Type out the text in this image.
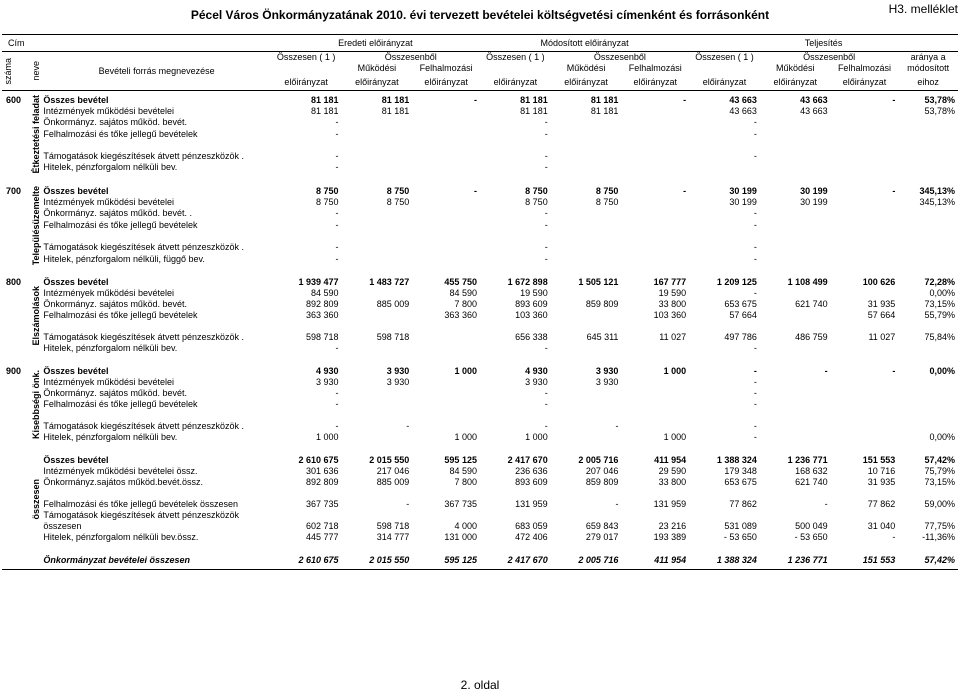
Pécel Város Önkormányzatának 2010. évi tervezett bevételei költségvetési címenként és forrásonként	H3. melléklet
Cím			Eredeti előirányzat			Módosított előirányzat			Teljesítés			

száma	neve	Bevételi forrás megnevezése	Összesen ( 1 )	Összesenből		Összesen ( 1 )	Összesenből		Összesen ( 1 )	Összesenből		aránya a
				Működési	Felhalmozási		Működési	Felhalmozási		Működési	Felhalmozási	módosított
			előirányzat	előirányzat	előirányzat	előirányzat	előirányzat	előirányzat	előirányzat	előirányzat	előirányzat	eihoz

600	Étkeztetési feladat	Összes bevétel	81 181	81 181	-	81 181	81 181	-	43 663	43 663	-	53,78%
		Intézmények működési bevételei	81 181	81 181		81 181	81 181		43 663	43 663		53,78%
		Önkormányz. sajátos működ. bevét.	-			-			-			
		Felhalmozási és tőke jellegű bevételek	-			-			-			

		Támogatások kiegészítések átvett pénzeszközök .	-			-			-			
		Hitelek, pénzforgalom nélküli bev.	-			-						

700	Településüzemelte	Összes bevétel	8 750	8 750	-	8 750	8 750	-	30 199	30 199	-	345,13%
		Intézmények működési bevételei	8 750	8 750		8 750	8 750		30 199	30 199		345,13%
		Önkormányz. sajátos működ. bevét. .	-			-			-			
		Felhalmozási és tőke jellegű bevételek	-			-			-			

		Támogatások kiegészítések átvett pénzeszközök .	-			-			-			
		Hitelek, pénzforgalom nélküli, függő bev.	-			-			-			

800	Elszámolások	Összes bevétel	1 939 477	1 483 727	455 750	1 672 898	1 505 121	167 777	1 209 125	1 108 499	100 626	72,28%
		Intézmények működési bevételei	84 590		84 590	19 590		19 590	-			0,00%
		Önkormányz. sajátos működ. bevét.	892 809	885 009	7 800	893 609	859 809	33 800	653 675	621 740	31 935	73,15%
		Felhalmozási és tőke jellegű bevételek	363 360		363 360	103 360		103 360	57 664		57 664	55,79%

		Támogatások kiegészítések átvett pénzeszközök .	598 718	598 718		656 338	645 311	11 027	497 786	486 759	11 027	75,84%
		Hitelek, pénzforgalom nélküli bev.	-			-			-			

900	Kisebbségi önk.	Összes bevétel	4 930	3 930	1 000	4 930	3 930	1 000	-	-	-	0,00%
		Intézmények működési bevételei	3 930	3 930		3 930	3 930		-			
		Önkormányz. sajátos működ. bevét.	-			-			-			
		Felhalmozási és tőke jellegű bevételek	-			-			-			

		Támogatások kiegészítések átvett pénzeszközök .	-	-		-	-		-			
		Hitelek, pénzforgalom nélküli bev.	1 000		1 000	1 000		1 000	-			0,00%

	összesen	Összes bevétel	2 610 675	2 015 550	595 125	2 417 670	2 005 716	411 954	1 388 324	1 236 771	151 553	57,42%
		Intézmények működési bevételei össz.	301 636	217 046	84 590	236 636	207 046	29 590	179 348	168 632	10 716	75,79%
		Önkormányz.sajátos működ.bevét.össz.	892 809	885 009	7 800	893 609	859 809	33 800	653 675	621 740	31 935	73,15%

		Felhalmozási és tőke jellegű bevételek összesen	367 735	-	367 735	131 959	-	131 959	77 862	-	77 862	59,00%
		Támogatások kiegészítések átvett pénzeszközök										
		összesen	602 718	598 718	4 000	683 059	659 843	23 216	531 089	500 049	31 040	77,75%
		Hitelek, pénzforgalom nélküli bev.össz.	445 777	314 777	131 000	472 406	279 017	193 389	- 53 650	- 53 650	-	-11,36%

		Önkormányzat bevételei összesen	2 610 675	2 015 550	595 125	2 417 670	2 005 716	411 954	1 388 324	1 236 771	151 553	57,42%
2. oldal
